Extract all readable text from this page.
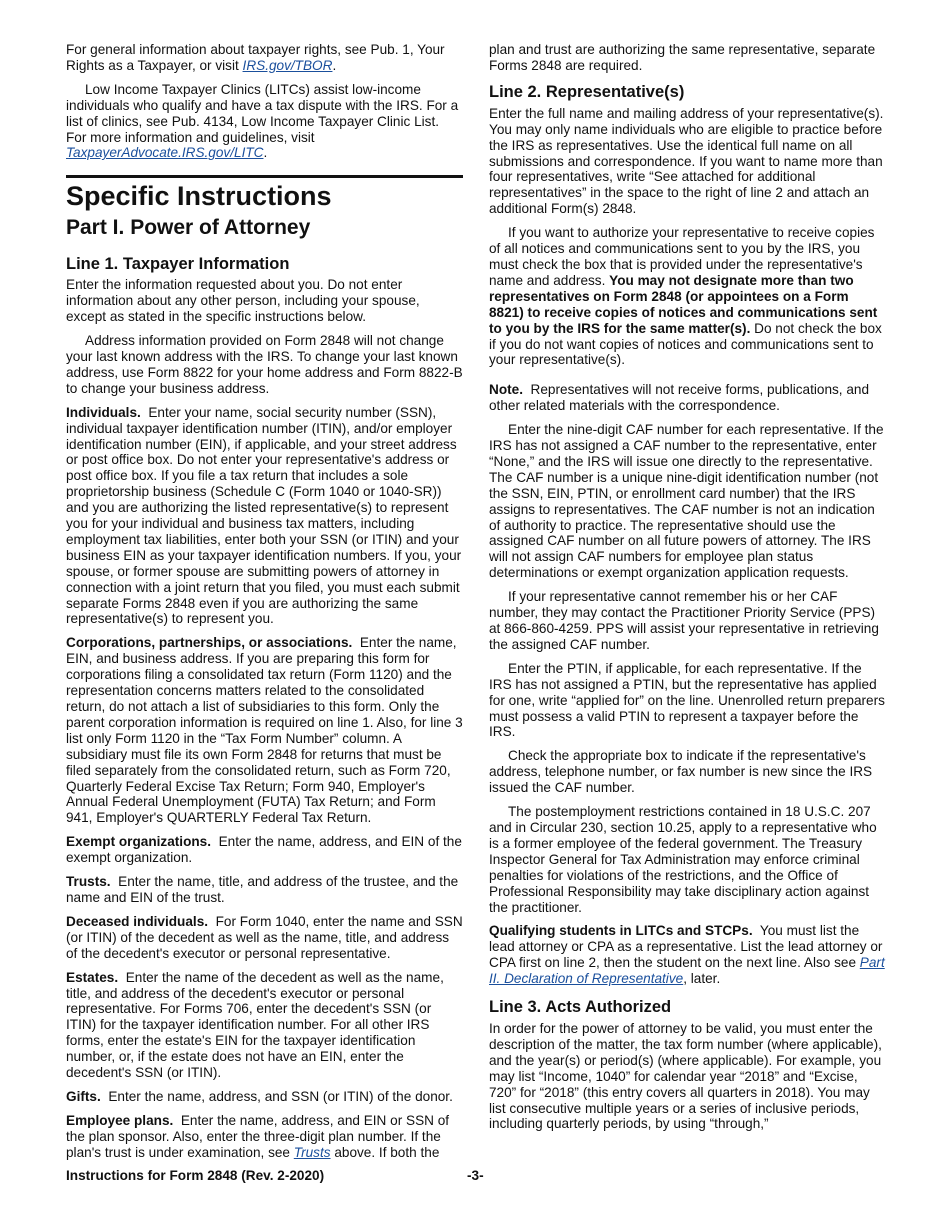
For general information about taxpayer rights, see Pub. 1, Your Rights as a Taxpayer, or visit IRS.gov/TBOR.

Low Income Taxpayer Clinics (LITCs) assist low-income individuals who qualify and have a tax dispute with the IRS. For a list of clinics, see Pub. 4134, Low Income Taxpayer Clinic List. For more information and guidelines, visit TaxpayerAdvocate.IRS.gov/LITC.

Specific Instructions
Part I. Power of Attorney
Line 1. Taxpayer Information

Enter the information requested about you. Do not enter information about any other person, including your spouse, except as stated in the specific instructions below.

Address information provided on Form 2848 will not change your last known address with the IRS. To change your last known address, use Form 8822 for your home address and Form 8822-B to change your business address.

Individuals. Enter your name, social security number (SSN), individual taxpayer identification number (ITIN), and/or employer identification number (EIN), if applicable, and your street address or post office box. Do not enter your representative's address or post office box. If you file a tax return that includes a sole proprietorship business (Schedule C (Form 1040 or 1040-SR)) and you are authorizing the listed representative(s) to represent you for your individual and business tax matters, including employment tax liabilities, enter both your SSN (or ITIN) and your business EIN as your taxpayer identification numbers. If you, your spouse, or former spouse are submitting powers of attorney in connection with a joint return that you filed, you must each submit separate Forms 2848 even if you are authorizing the same representative(s) to represent you.

Corporations, partnerships, or associations. Enter the name, EIN, and business address. If you are preparing this form for corporations filing a consolidated tax return (Form 1120) and the representation concerns matters related to the consolidated return, do not attach a list of subsidiaries to this form. Only the parent corporation information is required on line 1. Also, for line 3 list only Form 1120 in the “Tax Form Number” column. A subsidiary must file its own Form 2848 for returns that must be filed separately from the consolidated return, such as Form 720, Quarterly Federal Excise Tax Return; Form 940, Employer's Annual Federal Unemployment (FUTA) Tax Return; and Form 941, Employer's QUARTERLY Federal Tax Return.

Exempt organizations. Enter the name, address, and EIN of the exempt organization.

Trusts. Enter the name, title, and address of the trustee, and the name and EIN of the trust.

Deceased individuals. For Form 1040, enter the name and SSN (or ITIN) of the decedent as well as the name, title, and address of the decedent's executor or personal representative.

Estates. Enter the name of the decedent as well as the name, title, and address of the decedent's executor or personal representative. For Forms 706, enter the decedent's SSN (or ITIN) for the taxpayer identification number. For all other IRS forms, enter the estate's EIN for the taxpayer identification number, or, if the estate does not have an EIN, enter the decedent's SSN (or ITIN).

Gifts. Enter the name, address, and SSN (or ITIN) of the donor.

Employee plans. Enter the name, address, and EIN or SSN of the plan sponsor. Also, enter the three-digit plan number. If the plan's trust is under examination, see Trusts above. If both the

plan and trust are authorizing the same representative, separate Forms 2848 are required.

Line 2. Representative(s)

Enter the full name and mailing address of your representative(s). You may only name individuals who are eligible to practice before the IRS as representatives. Use the identical full name on all submissions and correspondence. If you want to name more than four representatives, write “See attached for additional representatives” in the space to the right of line 2 and attach an additional Form(s) 2848.

If you want to authorize your representative to receive copies of all notices and communications sent to you by the IRS, you must check the box that is provided under the representative's name and address. You may not designate more than two representatives on Form 2848 (or appointees on a Form 8821) to receive copies of notices and communications sent to you by the IRS for the same matter(s). Do not check the box if you do not want copies of notices and communications sent to your representative(s).

Note. Representatives will not receive forms, publications, and other related materials with the correspondence.

Enter the nine-digit CAF number for each representative. If the IRS has not assigned a CAF number to the representative, enter “None,” and the IRS will issue one directly to the representative. The CAF number is a unique nine-digit identification number (not the SSN, EIN, PTIN, or enrollment card number) that the IRS assigns to representatives. The CAF number is not an indication of authority to practice. The representative should use the assigned CAF number on all future powers of attorney. The IRS will not assign CAF numbers for employee plan status determinations or exempt organization application requests.

If your representative cannot remember his or her CAF number, they may contact the Practitioner Priority Service (PPS) at 866-860-4259. PPS will assist your representative in retrieving the assigned CAF number.

Enter the PTIN, if applicable, for each representative. If the IRS has not assigned a PTIN, but the representative has applied for one, write “applied for” on the line. Unenrolled return preparers must possess a valid PTIN to represent a taxpayer before the IRS.

Check the appropriate box to indicate if the representative's address, telephone number, or fax number is new since the IRS issued the CAF number.

The postemployment restrictions contained in 18 U.S.C. 207 and in Circular 230, section 10.25, apply to a representative who is a former employee of the federal government. The Treasury Inspector General for Tax Administration may enforce criminal penalties for violations of the restrictions, and the Office of Professional Responsibility may take disciplinary action against the practitioner.

Qualifying students in LITCs and STCPs. You must list the lead attorney or CPA as a representative. List the lead attorney or CPA first on line 2, then the student on the next line. Also see Part II. Declaration of Representative, later.

Line 3. Acts Authorized

In order for the power of attorney to be valid, you must enter the description of the matter, the tax form number (where applicable), and the year(s) or period(s) (where applicable). For example, you may list “Income, 1040” for calendar year “2018” and “Excise, 720” for “2018” (this entry covers all quarters in 2018). You may list consecutive multiple years or a series of inclusive periods, including quarterly periods, by using “through,”

Instructions for Form 2848 (Rev. 2-2020)	-3-
